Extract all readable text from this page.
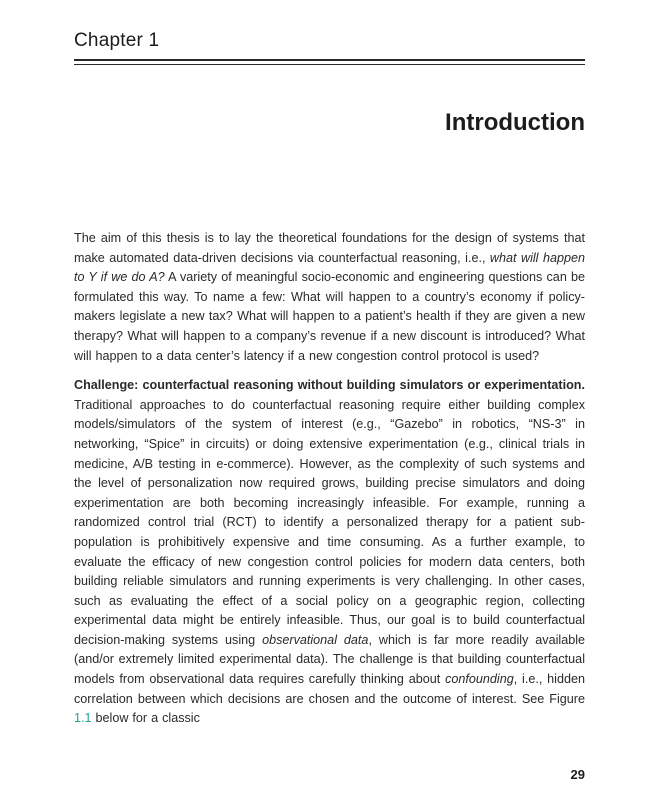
Chapter 1
Introduction

The aim of this thesis is to lay the theoretical foundations for the design of systems that make automated data-driven decisions via counterfactual reasoning, i.e., what will happen to Y if we do A? A variety of meaningful socio-economic and engineering questions can be formulated this way. To name a few: What will happen to a country’s economy if policy-makers legislate a new tax? What will happen to a patient’s health if they are given a new therapy? What will happen to a company’s revenue if a new discount is introduced? What will happen to a data center’s latency if a new congestion control protocol is used?

Challenge: counterfactual reasoning without building simulators or experimentation. Traditional approaches to do counterfactual reasoning require either building complex models/simulators of the system of interest (e.g., “Gazebo” in robotics, “NS-3” in networking, “Spice” in circuits) or doing extensive experimentation (e.g., clinical trials in medicine, A/B testing in e-commerce). However, as the complexity of such systems and the level of personalization now required grows, building precise simulators and doing experimentation are both becoming increasingly infeasible. For example, running a randomized control trial (RCT) to identify a personalized therapy for a patient sub-population is prohibitively expensive and time consuming. As a further example, to evaluate the efficacy of new congestion control policies for modern data centers, both building reliable simulators and running experiments is very challenging. In other cases, such as evaluating the effect of a social policy on a geographic region, collecting experimental data might be entirely infeasible. Thus, our goal is to build counterfactual decision-making systems using observational data, which is far more readily available (and/or extremely limited experimental data). The challenge is that building counterfactual models from observational data requires carefully thinking about confounding, i.e., hidden correlation between which decisions are chosen and the outcome of interest. See Figure 1.1 below for a classic

29
